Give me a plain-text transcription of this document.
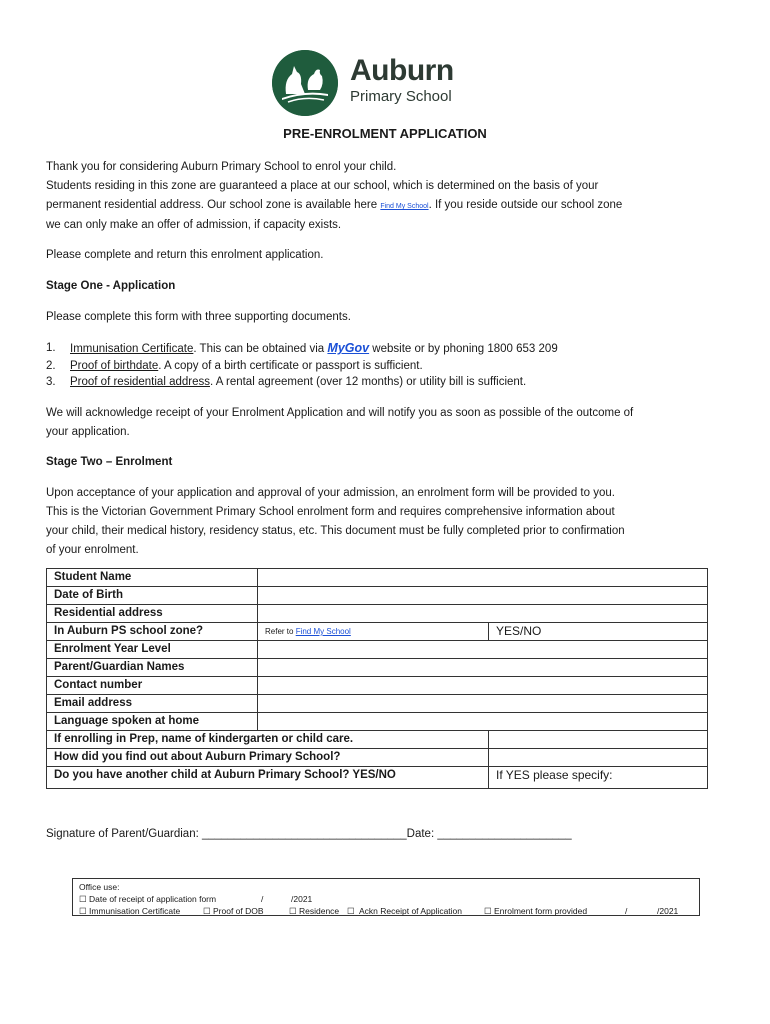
Auburn
Primary School
PRE-ENROLMENT APPLICATION
Thank you for considering Auburn Primary School to enrol your child.
Students residing in this zone are guaranteed a place at our school, which is determined on the basis of your
permanent residential address. Our school zone is available here Find My School. If you reside outside our school zone
we can only make an offer of admission, if capacity exists.
Please complete and return this enrolment application.
Stage One - Application
Please complete this form with three supporting documents.
1. Immunisation Certificate. This can be obtained via MyGov website or by phoning 1800 653 209
2. Proof of birthdate. A copy of a birth certificate or passport is sufficient.
3. Proof of residential address. A rental agreement (over 12 months) or utility bill is sufficient.
We will acknowledge receipt of your Enrolment Application and will notify you as soon as possible of the outcome of
your application.
Stage Two – Enrolment
Upon acceptance of your application and approval of your admission, an enrolment form will be provided to you.
This is the Victorian Government Primary School enrolment form and requires comprehensive information about
your child, their medical history, residency status, etc. This document must be fully completed prior to confirmation
of your enrolment.
Student Name		
Date of Birth		
Residential address		
In Auburn PS school zone?	Refer to Find My School	YES/NO
Enrolment Year Level		
Parent/Guardian Names		
Contact number		
Email address		
Language spoken at home		
If enrolling in Prep, name of kindergarten or child care.		
How did you find out about Auburn Primary School?		
Do you have another child at Auburn Primary School? YES/NO		If YES please specify:
Signature of Parent/Guardian: ________________________________Date: _____________________
Office use:
☐ Date of receipt of application form	/	/2021
☐ Immunisation Certificate	☐ Proof of DOB	☐ Residence ☐ Ackn Receipt of Application	☐ Enrolment form provided	/	/2021
